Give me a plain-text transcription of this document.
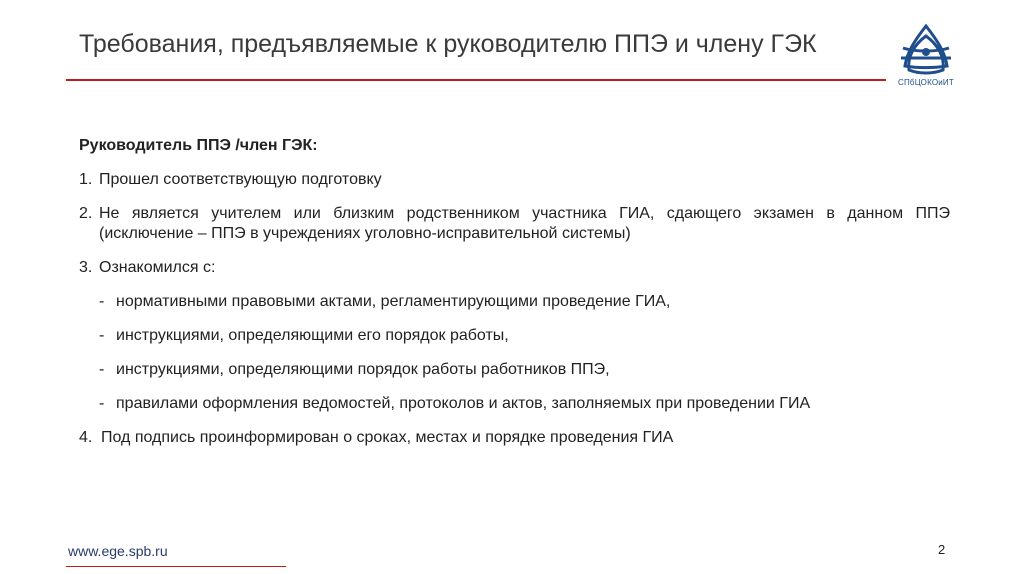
Требования, предъявляемые к руководителю ППЭ и члену ГЭК
СПбЦОКОиИТ
Руководитель ППЭ /член ГЭК:
1. Прошел соответствующую подготовку
2. Не является учителем или близким родственником участника ГИА, сдающего экзамен в данном ППЭ (исключение – ППЭ в учреждениях уголовно-исправительной системы)
3. Ознакомился с:
- нормативными правовыми актами, регламентирующими проведение ГИА,
- инструкциями, определяющими его порядок работы,
- инструкциями, определяющими порядок работы работников ППЭ,
- правилами оформления ведомостей, протоколов и актов, заполняемых при проведении ГИА
4. Под подпись проинформирован о сроках, местах и порядке проведения ГИА
www.ege.spb.ru	2
